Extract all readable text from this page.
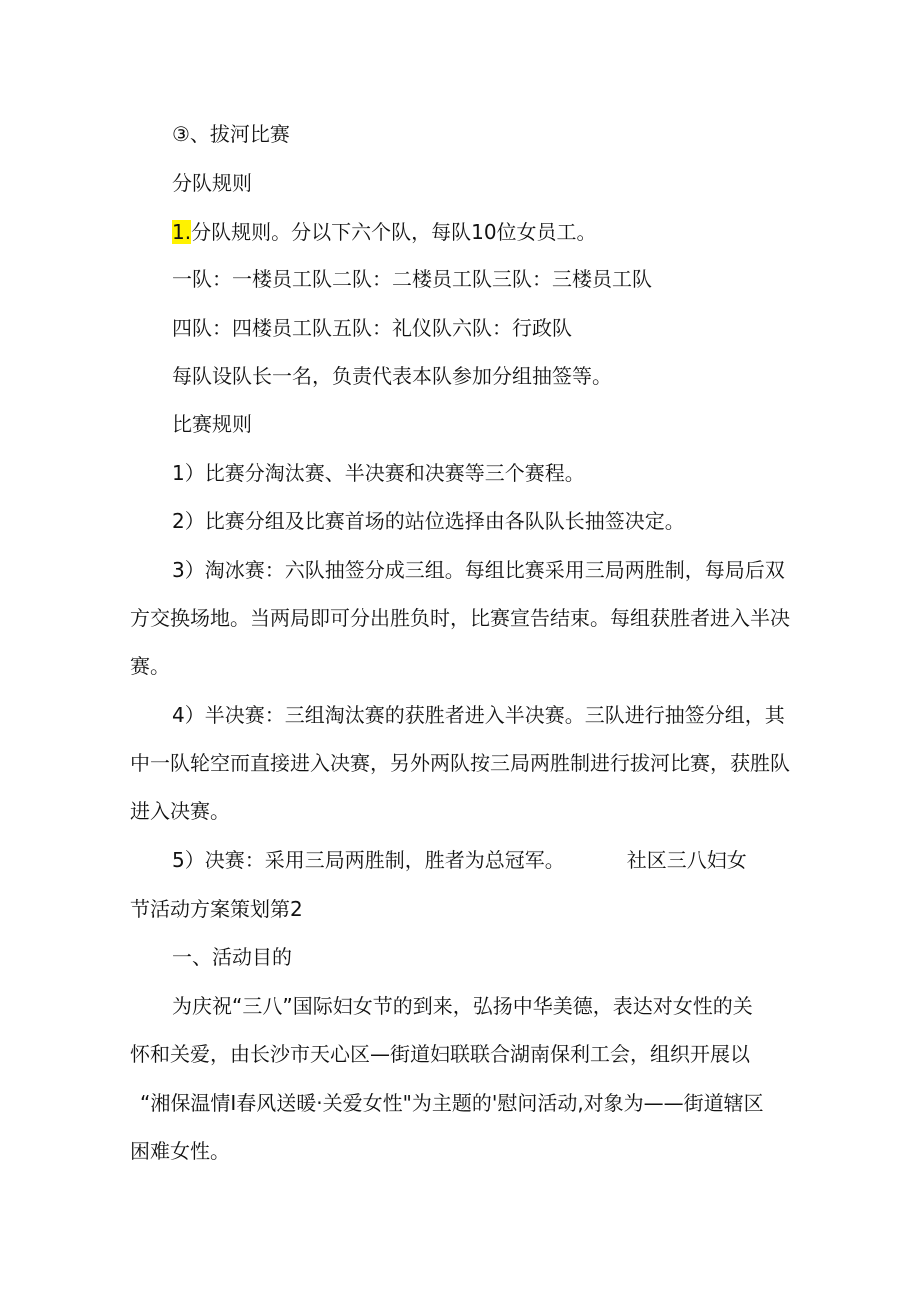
③、拔河比赛
分队规则
1.分队规则。分以下六个队，每队10位女员工。
一队：一楼员工队二队：二楼员工队三队：三楼员工队
四队：四楼员工队五队：礼仪队六队：行政队
每队设队长一名，负责代表本队参加分组抽签等。
比赛规则
1）比赛分淘汰赛、半决赛和决赛等三个赛程。
2）比赛分组及比赛首场的站位选择由各队队长抽签决定。
3）淘冰赛：六队抽签分成三组。每组比赛采用三局两胜制，每局后双
方交换场地。当两局即可分出胜负时，比赛宣告结束。每组获胜者进入半决
赛。
4）半决赛：三组淘汰赛的获胜者进入半决赛。三队进行抽签分组，其
中一队轮空而直接进入决赛，另外两队按三局两胜制进行拔河比赛，获胜队
进入决赛。
5）决赛：采用三局两胜制，胜者为总冠军。	社区三八妇女
节活动方案策划第2
一、活动目的
为庆祝“三八”国际妇女节的到来，弘扬中华美德，表达对女性的关
怀和关爱，由长沙市天心区—街道妇联联合湖南保利工会，组织开展以
“湘保温情I春风送暖·关爱女性"为主题的'慰问活动,对象为——街道辖区
困难女性。
